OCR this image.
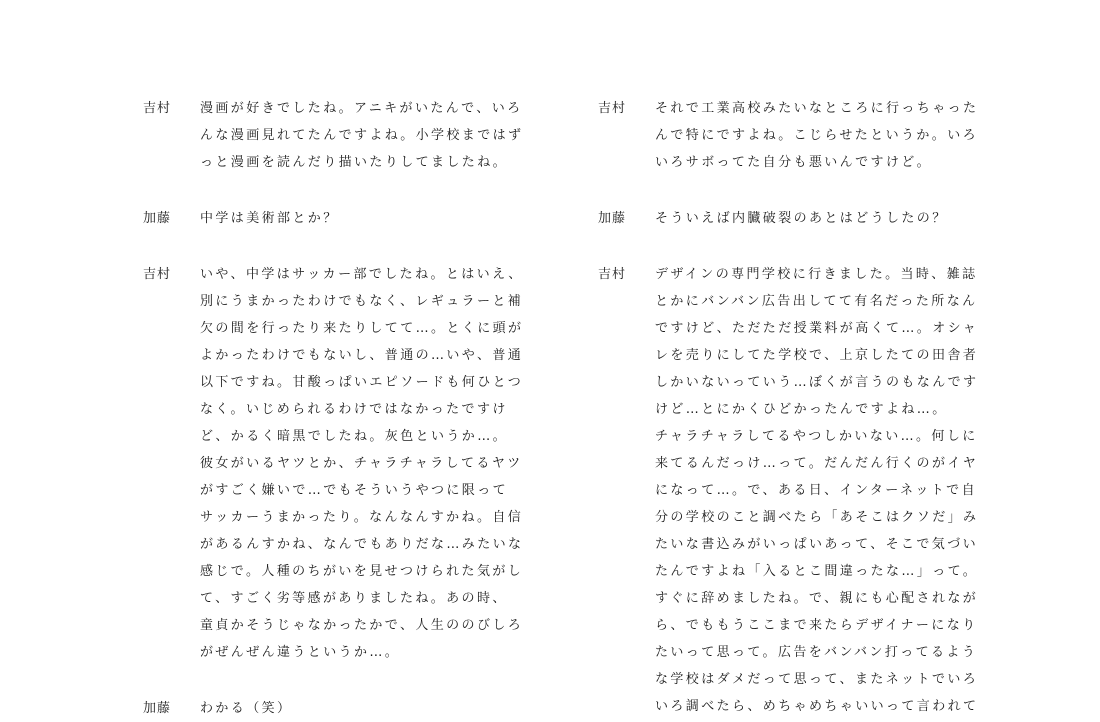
吉村	漫画が好きでしたね。アニキがいたんで、いろ
んな漫画見れてたんですよね。小学校まではず
っと漫画を読んだり描いたりしてましたね。
加藤	中学は美術部とか？
吉村	いや、中学はサッカー部でしたね。とはいえ、
別にうまかったわけでもなく、レギュラーと補
欠の間を行ったり来たりしてて…。とくに頭が
よかったわけでもないし、普通の…いや、普通
以下ですね。甘酸っぱいエピソードも何ひとつ
なく。いじめられるわけではなかったですけ
ど、かるく暗黒でしたね。灰色というか…。
彼女がいるヤツとか、チャラチャラしてるヤツ
がすごく嫌いで…でもそういうやつに限って
サッカーうまかったり。なんなんすかね。自信
があるんすかね、なんでもありだな…みたいな
感じで。人種のちがいを見せつけられた気がし
て、すごく劣等感がありましたね。あの時、
童貞かそうじゃなかったかで、人生ののびしろ
がぜんぜん違うというか…。
加藤	わかる（笑）
吉村	それで工業高校みたいなところに行っちゃった
んで特にですよね。こじらせたというか。いろ
いろサボってた自分も悪いんですけど。
加藤	そういえば内臓破裂のあとはどうしたの？
吉村	デザインの専門学校に行きました。当時、雑誌
とかにバンバン広告出してて有名だった所なん
ですけど、ただただ授業料が高くて…。オシャ
レを売りにしてた学校で、上京したての田舎者
しかいないっていう…ぼくが言うのもなんです
けど…とにかくひどかったんですよね…。
チャラチャラしてるやつしかいない…。何しに
来てるんだっけ…って。だんだん行くのがイヤ
になって…。で、ある日、インターネットで自
分の学校のこと調べたら「あそこはクソだ」み
たいな書込みがいっぱいあって、そこで気づい
たんですよね「入るとこ間違ったな…」って。
すぐに辞めましたね。で、親にも心配されなが
ら、でももうここまで来たらデザイナーになり
たいって思って。広告をバンバン打ってるよう
な学校はダメだって思って、またネットでいろ
いろ調べたら、めちゃめちゃいいって言われて
